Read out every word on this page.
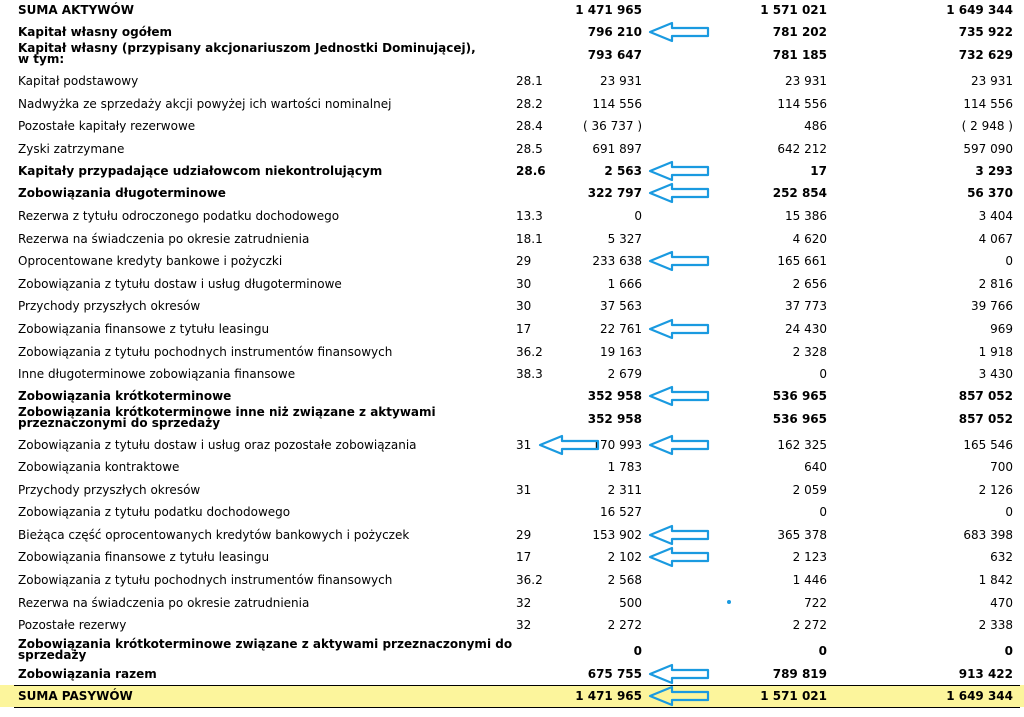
SUMA AKTYWÓW	1 471 965	1 571 021	1 649 344
Kapitał własny ogółem	796 210	781 202	735 922
Kapitał własny (przypisany akcjonariuszom Jednostki Dominującej),
w tym:	793 647	781 185	732 629
Kapitał podstawowy	28.1	23 931	23 931	23 931
Nadwyżka ze sprzedaży akcji powyżej ich wartości nominalnej	28.2	114 556	114 556	114 556
Pozostałe kapitały rezerwowe	28.4	( 36 737 )	486	( 2 948 )
Zyski zatrzymane	28.5	691 897	642 212	597 090
Kapitały przypadające udziałowcom niekontrolującym	28.6	2 563	17	3 293
Zobowiązania długoterminowe	322 797	252 854	56 370
Rezerwa z tytułu odroczonego podatku dochodowego	13.3	0	15 386	3 404
Rezerwa na świadczenia po okresie zatrudnienia	18.1	5 327	4 620	4 067
Oprocentowane kredyty bankowe i pożyczki	29	233 638	165 661	0
Zobowiązania z tytułu dostaw i usług długoterminowe	30	1 666	2 656	2 816
Przychody przyszłych okresów	30	37 563	37 773	39 766
Zobowiązania finansowe z tytułu leasingu	17	22 761	24 430	969
Zobowiązania z tytułu pochodnych instrumentów finansowych	36.2	19 163	2 328	1 918
Inne długoterminowe zobowiązania finansowe	38.3	2 679	0	3 430
Zobowiązania krótkoterminowe	352 958	536 965	857 052
Zobowiązania krótkoterminowe inne niż związane z aktywami
przeznaczonymi do sprzedaży	352 958	536 965	857 052
Zobowiązania z tytułu dostaw i usług oraz pozostałe zobowiązania	31	170 993	162 325	165 546
Zobowiązania kontraktowe	1 783	640	700
Przychody przyszłych okresów	31	2 311	2 059	2 126
Zobowiązania z tytułu podatku dochodowego	16 527	0	0
Bieżąca część oprocentowanych kredytów bankowych i pożyczek	29	153 902	365 378	683 398
Zobowiązania finansowe z tytułu leasingu	17	2 102	2 123	632
Zobowiązania z tytułu pochodnych instrumentów finansowych	36.2	2 568	1 446	1 842
Rezerwa na świadczenia po okresie zatrudnienia	32	500	722	470
Pozostałe rezerwy	32	2 272	2 272	2 338
Zobowiązania krótkoterminowe związane z aktywami przeznaczonymi do
sprzedaży	0	0	0
Zobowiązania razem	675 755	789 819	913 422
SUMA PASYWÓW	1 471 965	1 571 021	1 649 344
